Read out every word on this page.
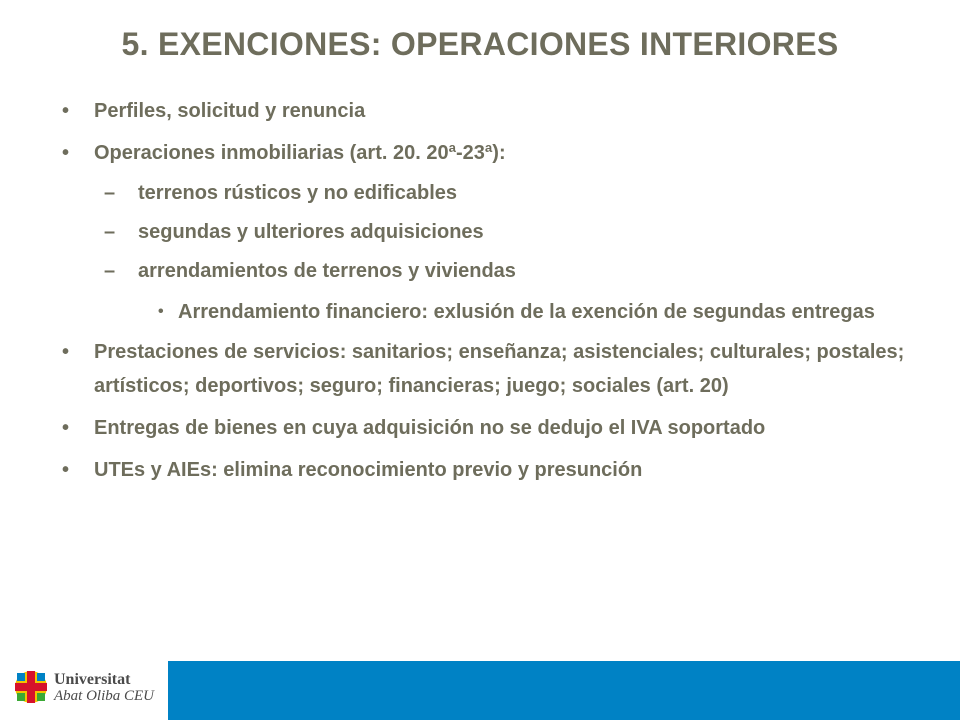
5. EXENCIONES: OPERACIONES INTERIORES
• Perfiles, solicitud y renuncia
• Operaciones inmobiliarias (art. 20. 20ª-23ª):
– terrenos rústicos y no edificables
– segundas y ulteriores adquisiciones
– arrendamientos de terrenos y viviendas
• Arrendamiento financiero: exlusión de la exención de segundas entregas
• Prestaciones de servicios: sanitarios; enseñanza; asistenciales; culturales; postales; artísticos; deportivos; seguro; financieras; juego; sociales (art. 20)
• Entregas de bienes en cuya adquisición no se dedujo el IVA soportado
• UTEs y AIEs: elimina reconocimiento previo y presunción
Universitat
Abat Oliba CEU
